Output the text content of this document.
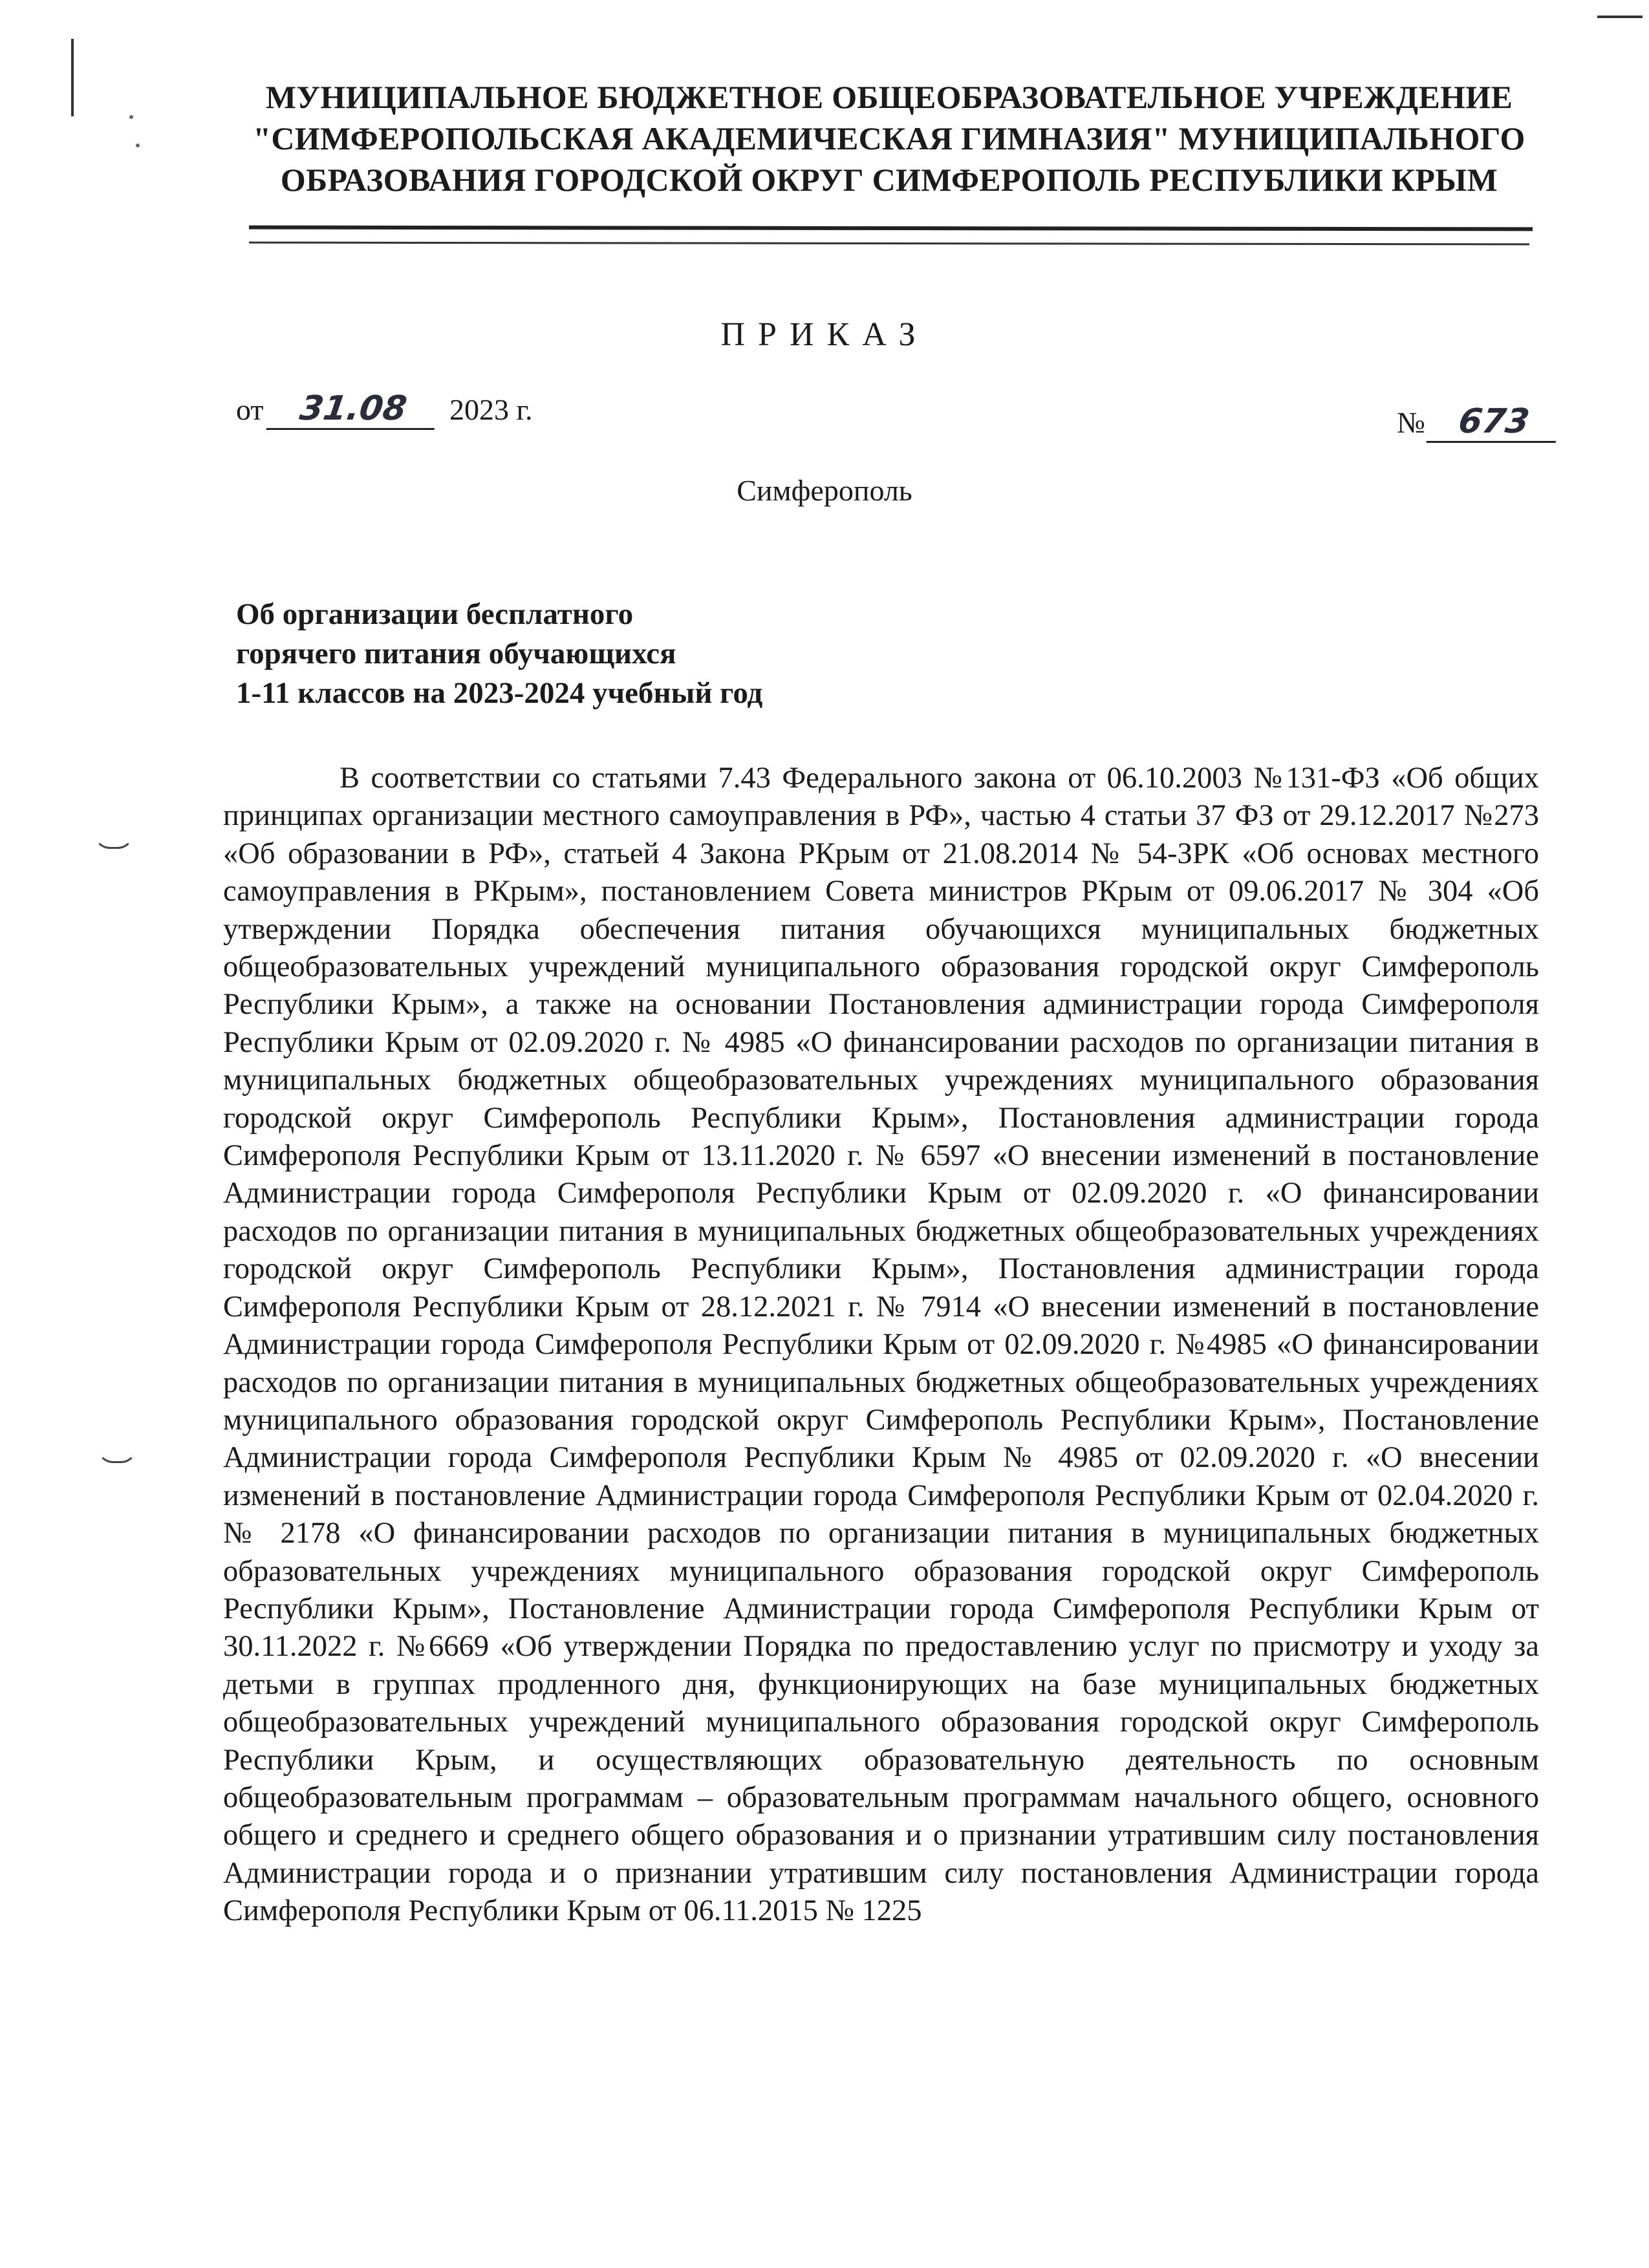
МУНИЦИПАЛЬНОЕ БЮДЖЕТНОЕ ОБЩЕОБРАЗОВАТЕЛЬНОЕ УЧРЕЖДЕНИЕ
"СИМФЕРОПОЛЬСКАЯ АКАДЕМИЧЕСКАЯ ГИМНАЗИЯ" МУНИЦИПАЛЬНОГО
ОБРАЗОВАНИЯ ГОРОДСКОЙ ОКРУГ СИМФЕРОПОЛЬ РЕСПУБЛИКИ КРЫМ
ПРИКАЗ
от 31.08 2023 г.	№ 673
Симферополь
Об организации бесплатного
горячего питания обучающихся
1-11 классов на 2023-2024 учебный год
В соответствии со статьями 7.43 Федерального закона от 06.10.2003 №131-ФЗ «Об общих принципах организации местного самоуправления в РФ», частью 4 статьи 37 ФЗ от 29.12.2017 №273 «Об образовании в РФ», статьей 4 Закона РКрым от 21.08.2014 № 54-ЗРК «Об основах местного самоуправления в РКрым», постановлением Совета министров РКрым от 09.06.2017 № 304 «Об утверждении Порядка обеспечения питания обучающихся муниципальных бюджетных общеобразовательных учреждений муниципального образования городской округ Симферополь Республики Крым», а также на основании Постановления администрации города Симферополя Республики Крым от 02.09.2020 г. № 4985 «О финансировании расходов по организации питания в муниципальных бюджетных общеобразовательных учреждениях муниципального образования городской округ Симферополь Республики Крым», Постановления администрации города Симферополя Республики Крым от 13.11.2020 г. № 6597 «О внесении изменений в постановление Администрации города Симферополя Республики Крым от 02.09.2020 г. «О финансировании расходов по организации питания в муниципальных бюджетных общеобразовательных учреждениях городской округ Симферополь Республики Крым», Постановления администрации города Симферополя Республики Крым от 28.12.2021 г. № 7914 «О внесении изменений в постановление Администрации города Симферополя Республики Крым от 02.09.2020 г. №4985 «О финансировании расходов по организации питания в муниципальных бюджетных общеобразовательных учреждениях муниципального образования городской округ Симферополь Республики Крым», Постановление Администрации города Симферополя Республики Крым № 4985 от 02.09.2020 г. «О внесении изменений в постановление Администрации города Симферополя Республики Крым от 02.04.2020 г. № 2178 «О финансировании расходов по организации питания в муниципальных бюджетных образовательных учреждениях муниципального образования городской округ Симферополь Республики Крым», Постановление Администрации города Симферополя Республики Крым от 30.11.2022 г. №6669 «Об утверждении Порядка по предоставлению услуг по присмотру и уходу за детьми в группах продленного дня, функционирующих на базе муниципальных бюджетных общеобразовательных учреждений муниципального образования городской округ Симферополь Республики Крым, и осуществляющих образовательную деятельность по основным общеобразовательным программам – образовательным программам начального общего, основного общего и среднего и среднего общего образования и о признании утратившим силу постановления Администрации города и о признании утратившим силу постановления Администрации города Симферополя Республики Крым от 06.11.2015 № 1225
